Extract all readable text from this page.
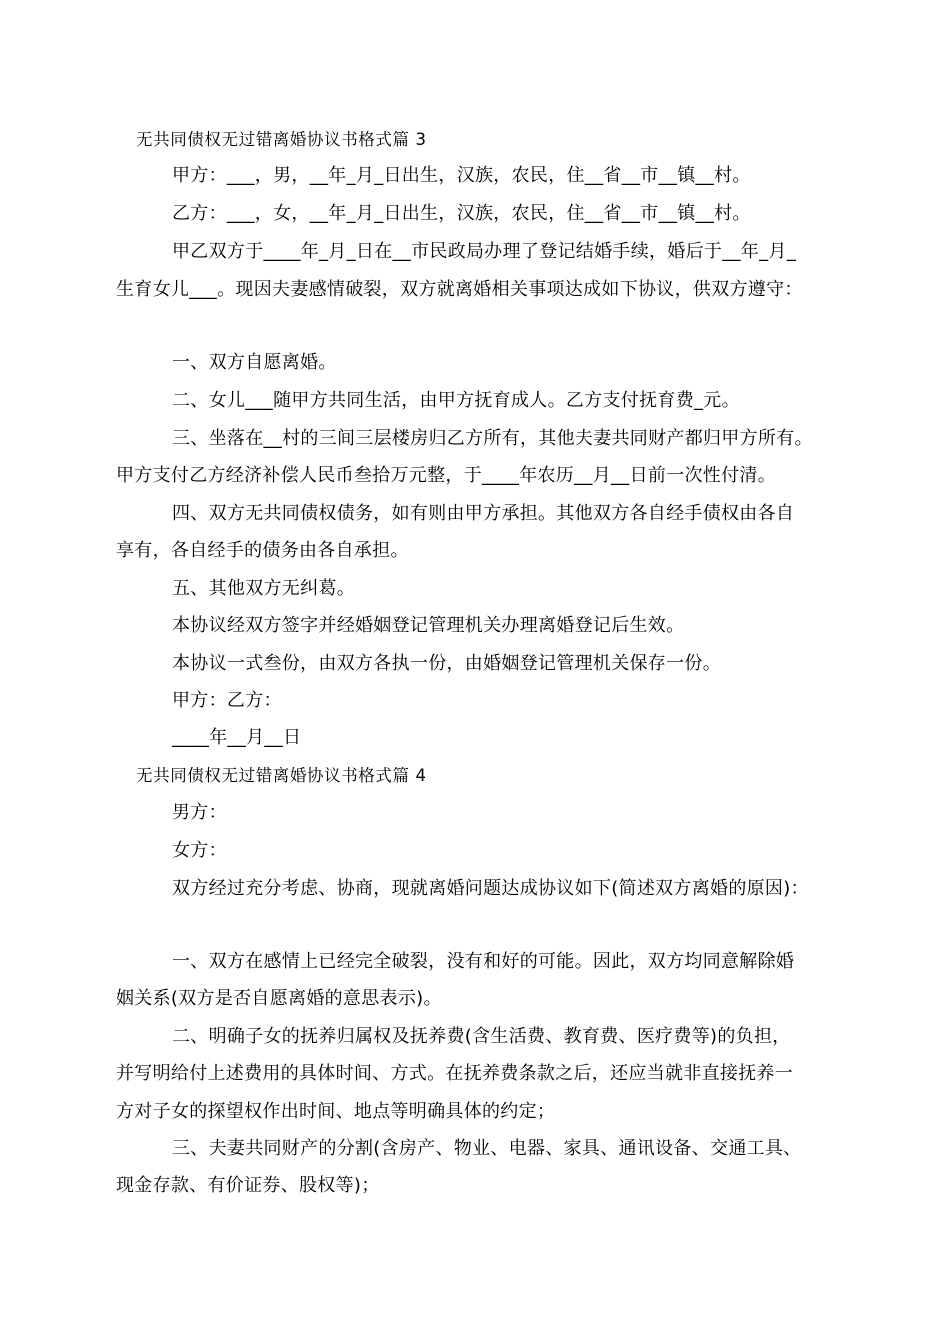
无共同债权无过错离婚协议书格式篇 3
甲方：___，男，__年_月_日出生，汉族，农民，住__省__市__镇__村。
乙方：___，女，__年_月_日出生，汉族，农民，住__省__市__镇__村。
甲乙双方于____年_月_日在__市民政局办理了登记结婚手续，婚后于__年_月_
生育女儿___。现因夫妻感情破裂，双方就离婚相关事项达成如下协议，供双方遵守：
一、双方自愿离婚。
二、女儿___随甲方共同生活，由甲方抚育成人。乙方支付抚育费_元。
三、坐落在__村的三间三层楼房归乙方所有，其他夫妻共同财产都归甲方所有。
甲方支付乙方经济补偿人民币叁拾万元整，于____年农历__月__日前一次性付清。
四、双方无共同债权债务，如有则由甲方承担。其他双方各自经手债权由各自
享有，各自经手的债务由各自承担。
五、其他双方无纠葛。
本协议经双方签字并经婚姻登记管理机关办理离婚登记后生效。
本协议一式叁份，由双方各执一份，由婚姻登记管理机关保存一份。
甲方：乙方：
____年__月__日
无共同债权无过错离婚协议书格式篇 4
男方：
女方：
双方经过充分考虑、协商，现就离婚问题达成协议如下(简述双方离婚的原因)：
一、双方在感情上已经完全破裂，没有和好的可能。因此，双方均同意解除婚
姻关系(双方是否自愿离婚的意思表示)。
二、明确子女的抚养归属权及抚养费(含生活费、教育费、医疗费等)的负担，
并写明给付上述费用的具体时间、方式。在抚养费条款之后，还应当就非直接抚养一
方对子女的探望权作出时间、地点等明确具体的约定；
三、夫妻共同财产的分割(含房产、物业、电器、家具、通讯设备、交通工具、
现金存款、有价证券、股权等)；
